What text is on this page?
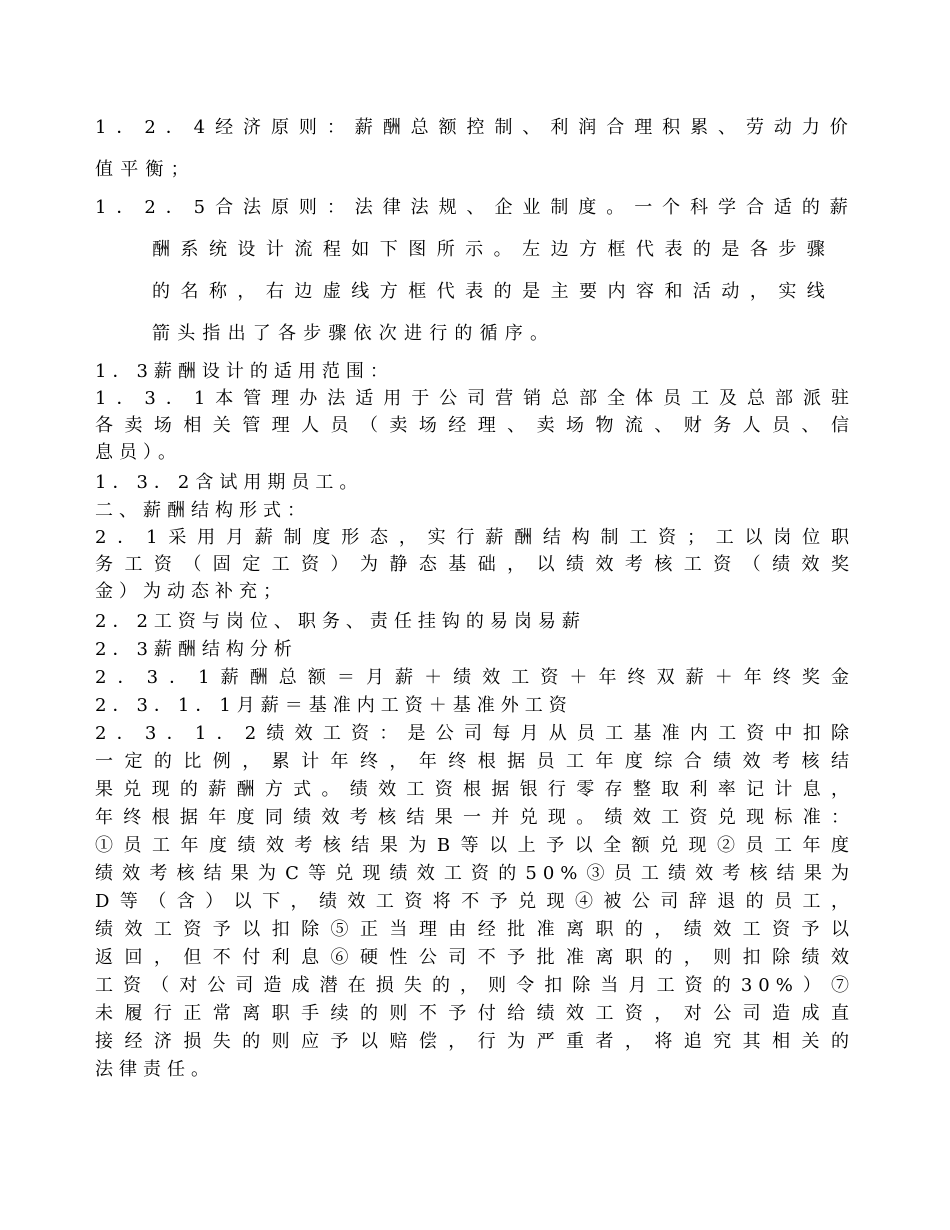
1．2．4经济原则：薪酬总额控制、利润合理积累、劳动力价
值平衡；
1．2．5合法原则：法律法规、企业制度。一个科学合适的薪
酬系统设计流程如下图所示。左边方框代表的是各步骤
的名称，右边虚线方框代表的是主要内容和活动，实线
箭头指出了各步骤依次进行的循序。
1．3薪酬设计的适用范围：
1．3．1本管理办法适用于公司营销总部全体员工及总部派驻
各卖场相关管理人员（卖场经理、卖场物流、财务人员、信
息员）。
1．3．2含试用期员工。
二、薪酬结构形式：
2．1采用月薪制度形态，实行薪酬结构制工资；工以岗位职
务工资（固定工资）为静态基础，以绩效考核工资（绩效奖
金）为动态补充；
2．2工资与岗位、职务、责任挂钩的易岗易薪
2．3薪酬结构分析
2．3．1薪酬总额＝月薪＋绩效工资＋年终双薪＋年终奖金
2．3．1．1月薪＝基准内工资＋基准外工资
2．3．1．2绩效工资：是公司每月从员工基准内工资中扣除
一定的比例，累计年终，年终根据员工年度综合绩效考核结
果兑现的薪酬方式。绩效工资根据银行零存整取利率记计息，
年终根据年度同绩效考核结果一并兑现。绩效工资兑现标准：
①员工年度绩效考核结果为B等以上予以全额兑现②员工年度
绩效考核结果为C等兑现绩效工资的50%③员工绩效考核结果为
D等（含）以下，绩效工资将不予兑现④被公司辞退的员工，
绩效工资予以扣除⑤正当理由经批准离职的，绩效工资予以
返回，但不付利息⑥硬性公司不予批准离职的，则扣除绩效
工资（对公司造成潜在损失的，则令扣除当月工资的30%）⑦
未履行正常离职手续的则不予付给绩效工资，对公司造成直
接经济损失的则应予以赔偿，行为严重者，将追究其相关的
法律责任。
